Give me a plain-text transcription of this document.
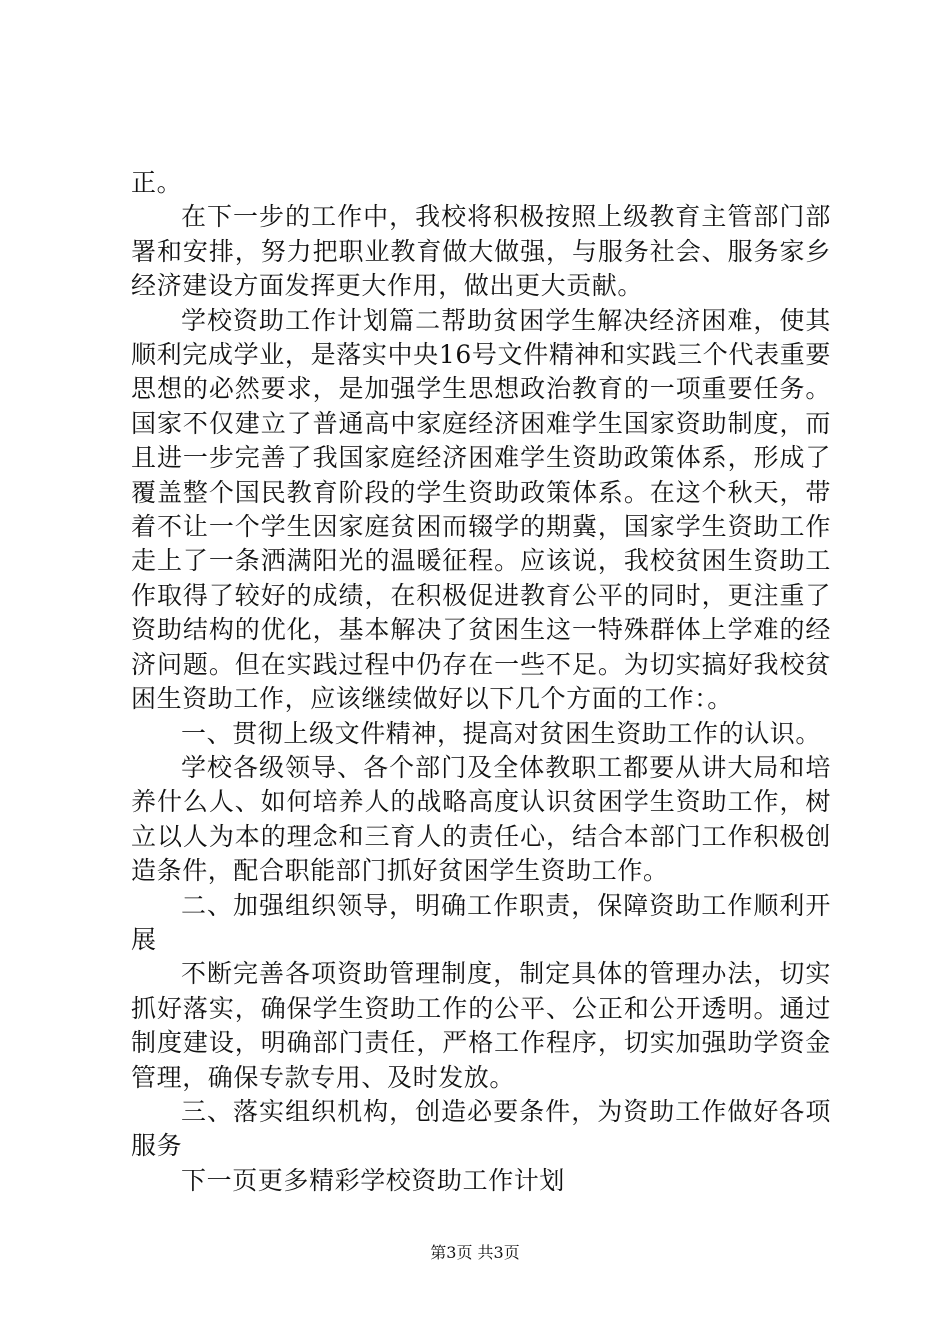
正。

在下一步的工作中，我校将积极按照上级教育主管部门部署和安排，努力把职业教育做大做强，与服务社会、服务家乡经济建设方面发挥更大作用，做出更大贡献。

学校资助工作计划篇二帮助贫困学生解决经济困难，使其顺利完成学业，是落实中央16号文件精神和实践三个代表重要思想的必然要求，是加强学生思想政治教育的一项重要任务。国家不仅建立了普通高中家庭经济困难学生国家资助制度，而且进一步完善了我国家庭经济困难学生资助政策体系，形成了覆盖整个国民教育阶段的学生资助政策体系。在这个秋天，带着不让一个学生因家庭贫困而辍学的期冀，国家学生资助工作走上了一条洒满阳光的温暖征程。应该说，我校贫困生资助工作取得了较好的成绩，在积极促进教育公平的同时，更注重了资助结构的优化，基本解决了贫困生这一特殊群体上学难的经济问题。但在实践过程中仍存在一些不足。为切实搞好我校贫困生资助工作，应该继续做好以下几个方面的工作：。

一、贯彻上级文件精神，提高对贫困生资助工作的认识。

学校各级领导、各个部门及全体教职工都要从讲大局和培养什么人、如何培养人的战略高度认识贫困学生资助工作，树立以人为本的理念和三育人的责任心，结合本部门工作积极创造条件，配合职能部门抓好贫困学生资助工作。

二、加强组织领导，明确工作职责，保障资助工作顺利开展

不断完善各项资助管理制度，制定具体的管理办法，切实抓好落实，确保学生资助工作的公平、公正和公开透明。通过制度建设，明确部门责任，严格工作程序，切实加强助学资金管理，确保专款专用、及时发放。

三、落实组织机构，创造必要条件，为资助工作做好各项服务

下一页更多精彩学校资助工作计划

第3页 共3页
